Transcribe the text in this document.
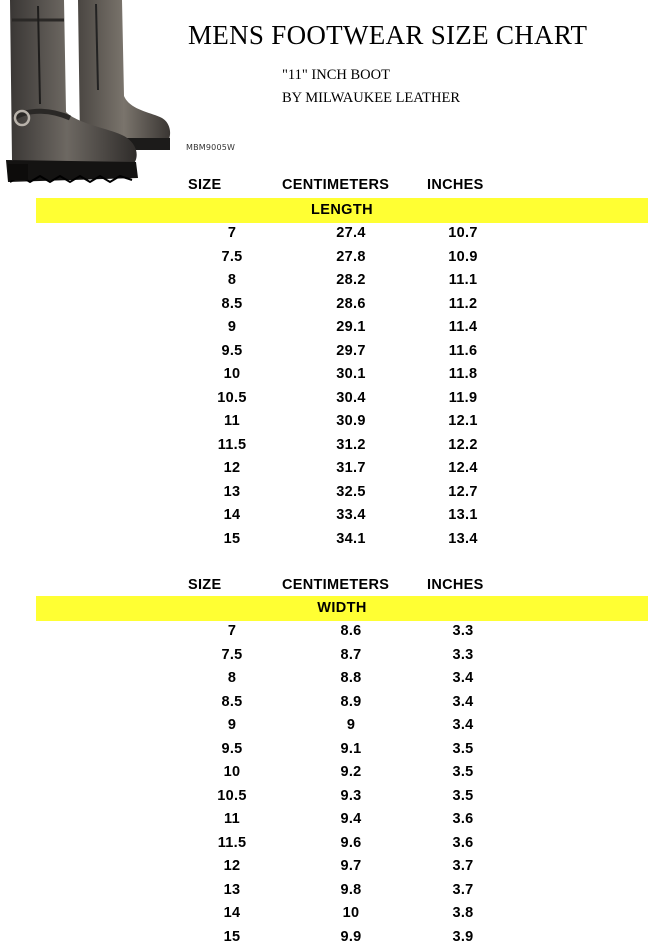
MENS FOOTWEAR SIZE CHART
"11" INCH BOOT
BY MILWAUKEE LEATHER
MBM9005W
SIZE	CENTIMETERS	INCHES
LENGTH
7	27.4	10.7
7.5	27.8	10.9
8	28.2	11.1
8.5	28.6	11.2
9	29.1	11.4
9.5	29.7	11.6
10	30.1	11.8
10.5	30.4	11.9
11	30.9	12.1
11.5	31.2	12.2
12	31.7	12.4
13	32.5	12.7
14	33.4	13.1
15	34.1	13.4
SIZE	CENTIMETERS	INCHES
WIDTH
7	8.6	3.3
7.5	8.7	3.3
8	8.8	3.4
8.5	8.9	3.4
9	9	3.4
9.5	9.1	3.5
10	9.2	3.5
10.5	9.3	3.5
11	9.4	3.6
11.5	9.6	3.6
12	9.7	3.7
13	9.8	3.7
14	10	3.8
15	9.9	3.9
